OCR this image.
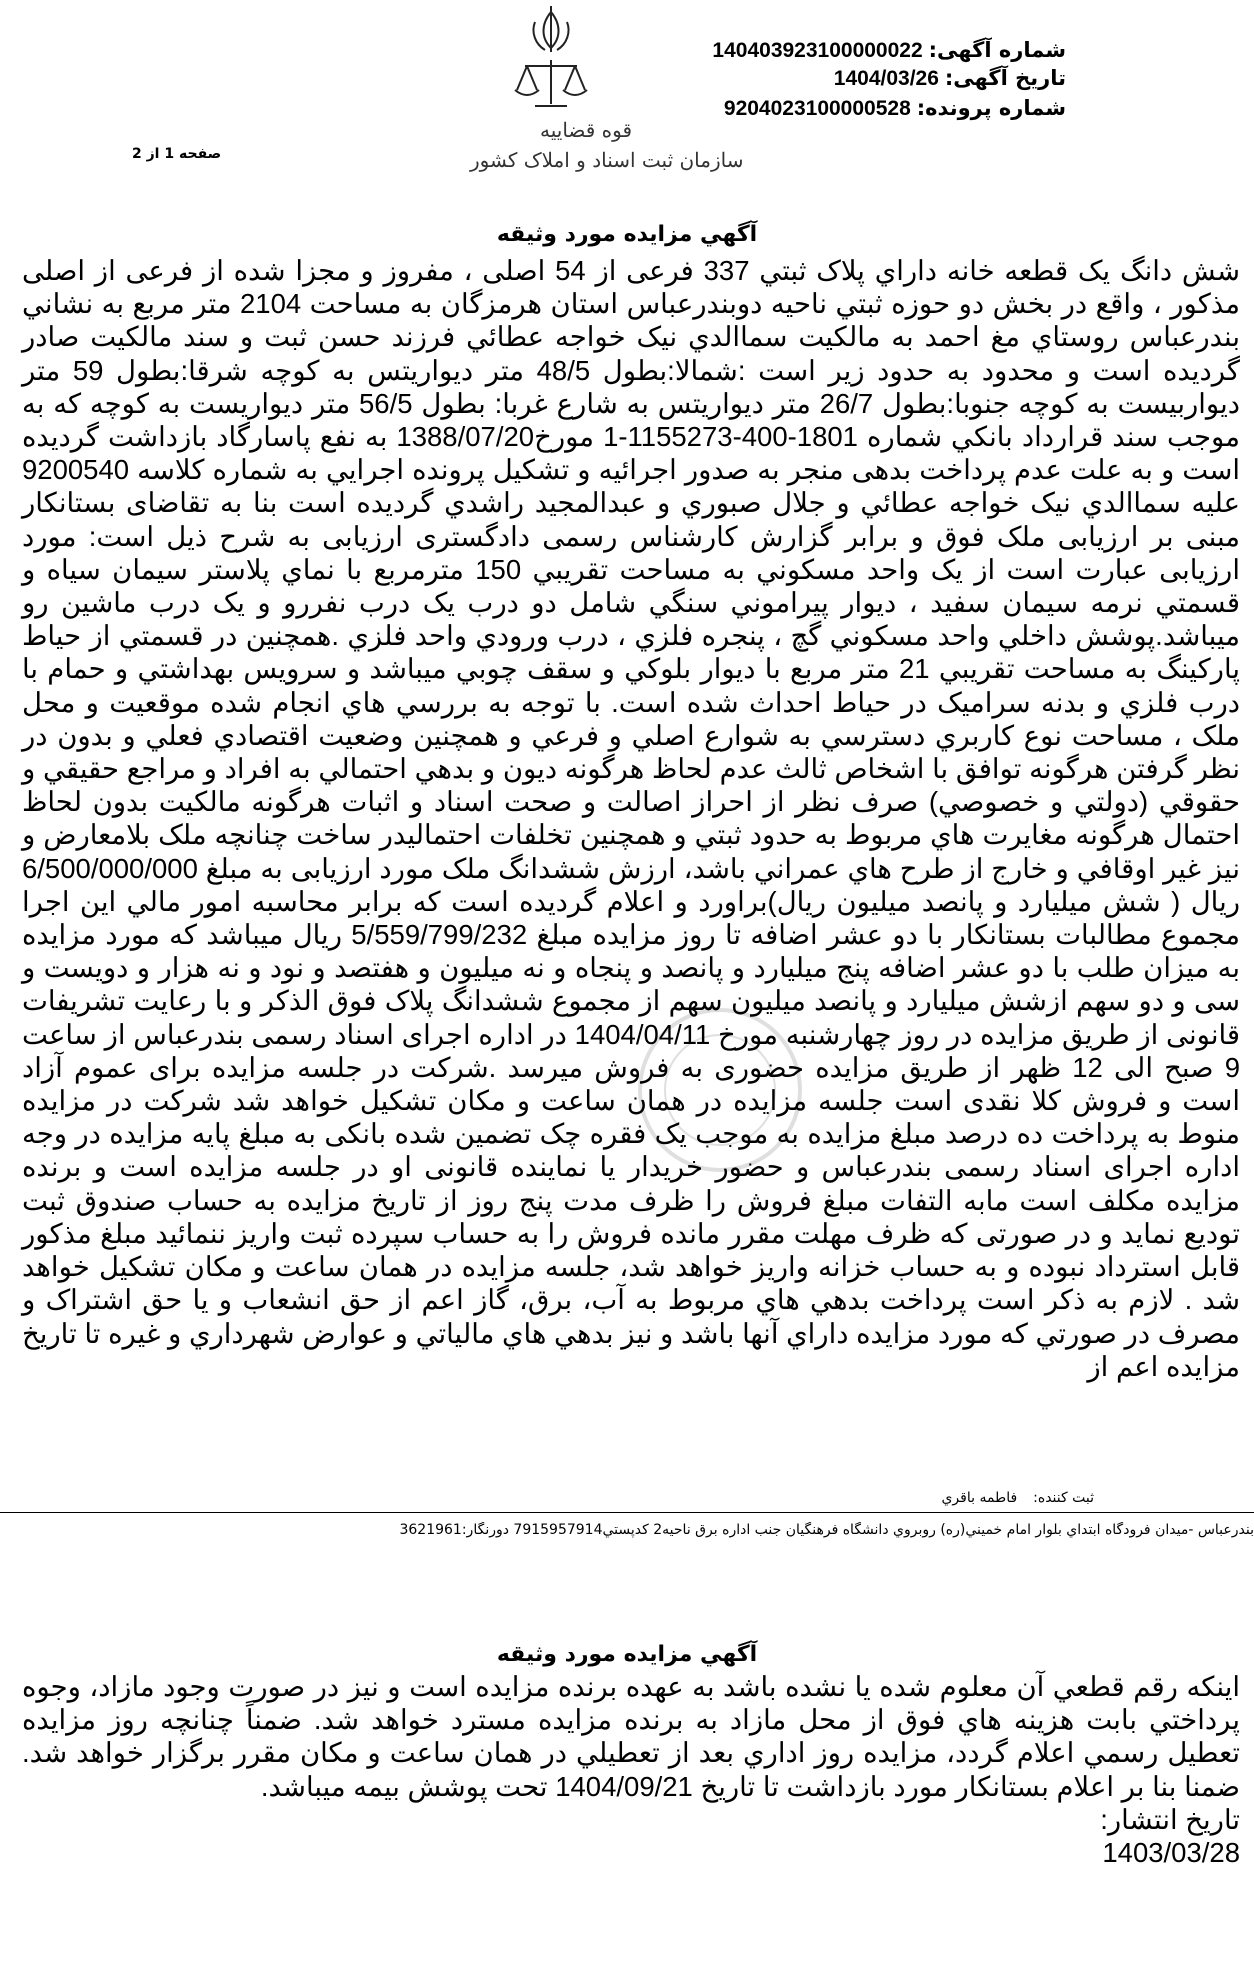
قوه قضاییه
سازمان ثبت اسناد و املاک کشور
شماره آگهی:140403923100000022
تاریخ آگهی:1404/03/26
شماره پرونده:9204023100000528
صفحه 1 از 2
آگهي مزايده مورد وثيقه
شش دانگ يک قطعه خانه داراي پلاک ثبتي 337 فرعی از 54 اصلی ، مفروز و مجزا شده از فرعی از اصلی مذکور ، واقع در بخش دو حوزه ثبتي ناحيه دوبندرعباس استان هرمزگان به مساحت 2104 متر مربع به نشاني بندرعباس روستاي مغ احمد به مالکيت سماالدي نيک خواجه عطائي فرزند حسن ثبت و سند مالکيت صادر گرديده است و محدود به حدود زير است :شمالا:بطول 48/5 متر ديواريتس به کوچه شرقا:بطول 59 متر ديواربيست به کوچه جنوبا:بطول 26/7 متر ديواريتس به شارع غربا: بطول 56/5 متر ديواريست به کوچه که به موجب سند قرارداد بانکي شماره 1801-400-1155273-1 مورخ1388/07/20 به نفع پاسارگاد بازداشت گرديده است و به علت عدم پرداخت بدهی منجر به صدور اجرائيه و تشکيل پرونده اجرايي به شماره کلاسه 9200540 عليه سماالدي نيک خواجه عطائي و جلال صبوري و عبدالمجيد راشدي گرديده است بنا به تقاضای بستانکار مبنی بر ارزيابی ملک فوق و برابر گزارش کارشناس رسمی دادگستری ارزيابی به شرح ذيل است: مورد ارزيابی عبارت است از يک واحد مسکوني به مساحت تقريبي 150 مترمربع با نماي پلاستر سيمان سياه و قسمتي نرمه سيمان سفيد ، ديوار پيراموني سنگي شامل دو درب يک درب نفررو و يک درب ماشين رو ميباشد.پوشش داخلي واحد مسکوني گچ ، پنجره فلزي ، درب ورودي واحد فلزي .همچنين در قسمتي از حياط پارکينگ به مساحت تقريبي 21 متر مربع با ديوار بلوکي و سقف چوبي ميباشد و سرويس بهداشتي و حمام با درب فلزي و بدنه سراميک در حياط احداث شده است. با توجه به بررسي هاي انجام شده موقعيت و محل ملک ، مساحت نوع کاربري دسترسي به شوارع اصلي و فرعي و همچنين وضعيت اقتصادي فعلي و بدون در نظر گرفتن هرگونه توافق با اشخاص ثالث عدم لحاظ هرگونه ديون و بدهي احتمالي به افراد و مراجع حقيقي و حقوقي (دولتي و خصوصي) صرف نظر از احراز اصالت و صحت اسناد و اثبات هرگونه مالکيت بدون لحاظ احتمال هرگونه مغايرت هاي مربوط به حدود ثبتي و همچنين تخلفات احتماليدر ساخت چنانچه ملک بلامعارض و نيز غير اوقافي و خارج از طرح هاي عمراني باشد، ارزش ششدانگ ملک مورد ارزيابی به مبلغ 6/500/000/000 ريال ( شش ميلیارد و پانصد ميليون ريال)براورد و اعلام گرديده است که برابر محاسبه امور مالي اين اجرا مجموع مطالبات بستانکار با دو عشر اضافه تا روز مزايده مبلغ 5/559/799/232 ريال ميباشد که مورد مزايده به ميزان طلب با دو عشر اضافه پنج ميليارد و پانصد و پنجاه و نه ميليون و هفتصد و نود و نه هزار و دويست و سی و دو سهم ازشش ميليارد و پانصد ميليون سهم از مجموع ششدانگ پلاک فوق الذکر و با رعايت تشريفات قانونی از طريق مزايده در روز چهارشنبه مورخ 1404/04/11 در اداره اجرای اسناد رسمی بندرعباس از ساعت 9 صبح الی 12 ظهر از طريق مزايده حضوری به فروش ميرسد .شرکت در جلسه مزايده برای عموم آزاد است و فروش کلا نقدی است جلسه مزايده در همان ساعت و مکان تشکيل خواهد شد شرکت در مزايده منوط به پرداخت ده درصد مبلغ مزايده به موجب يک فقره چک تضمين شده بانکی به مبلغ پايه مزايده در وجه اداره اجرای اسناد رسمی بندرعباس و حضور خريدار يا نماينده قانونی او در جلسه مزايده است و برنده مزايده مکلف است مابه التفات مبلغ فروش را ظرف مدت پنج روز از تاريخ مزايده به حساب صندوق ثبت توديع نمايد و در صورتی که ظرف مهلت مقرر مانده فروش را به حساب سپرده ثبت واريز ننمائيد مبلغ مذکور قابل استرداد نبوده و به حساب خزانه واريز خواهد شد، جلسه مزايده در همان ساعت و مکان تشکيل خواهد شد . لازم به ذکر است پرداخت بدهي هاي مربوط به آب، برق، گاز اعم از حق انشعاب و يا حق اشتراک و مصرف در صورتي که مورد مزايده داراي آنها باشد و نيز بدهي هاي مالياتي و عوارض شهرداري و غيره تا تاريخ مزايده اعم از
ثبت کننده:فاطمه باقري
بندرعباس -ميدان فرودگاه ابتداي بلوار امام خميني(ره) روبروي دانشگاه فرهنگيان جنب اداره برق ناحيه2 کدپستي7915957914 دورنگار:3621961
آگهي مزايده مورد وثيقه
اينکه رقم قطعي آن معلوم شده يا نشده باشد به عهده برنده مزايده است و نيز در صورت وجود مازاد، وجوه پرداختي بابت هزينه هاي فوق از محل مازاد به برنده مزايده مسترد خواهد شد. ضمناً چنانچه روز مزايده تعطيل رسمي اعلام گردد، مزايده روز اداري بعد از تعطيلي در همان ساعت و مکان مقرر برگزار خواهد شد. ضمنا بنا بر اعلام بستانکار مورد بازداشت تا تاريخ 1404/09/21 تحت پوشش بيمه ميباشد.
تاريخ انتشار:
1403/03/28
